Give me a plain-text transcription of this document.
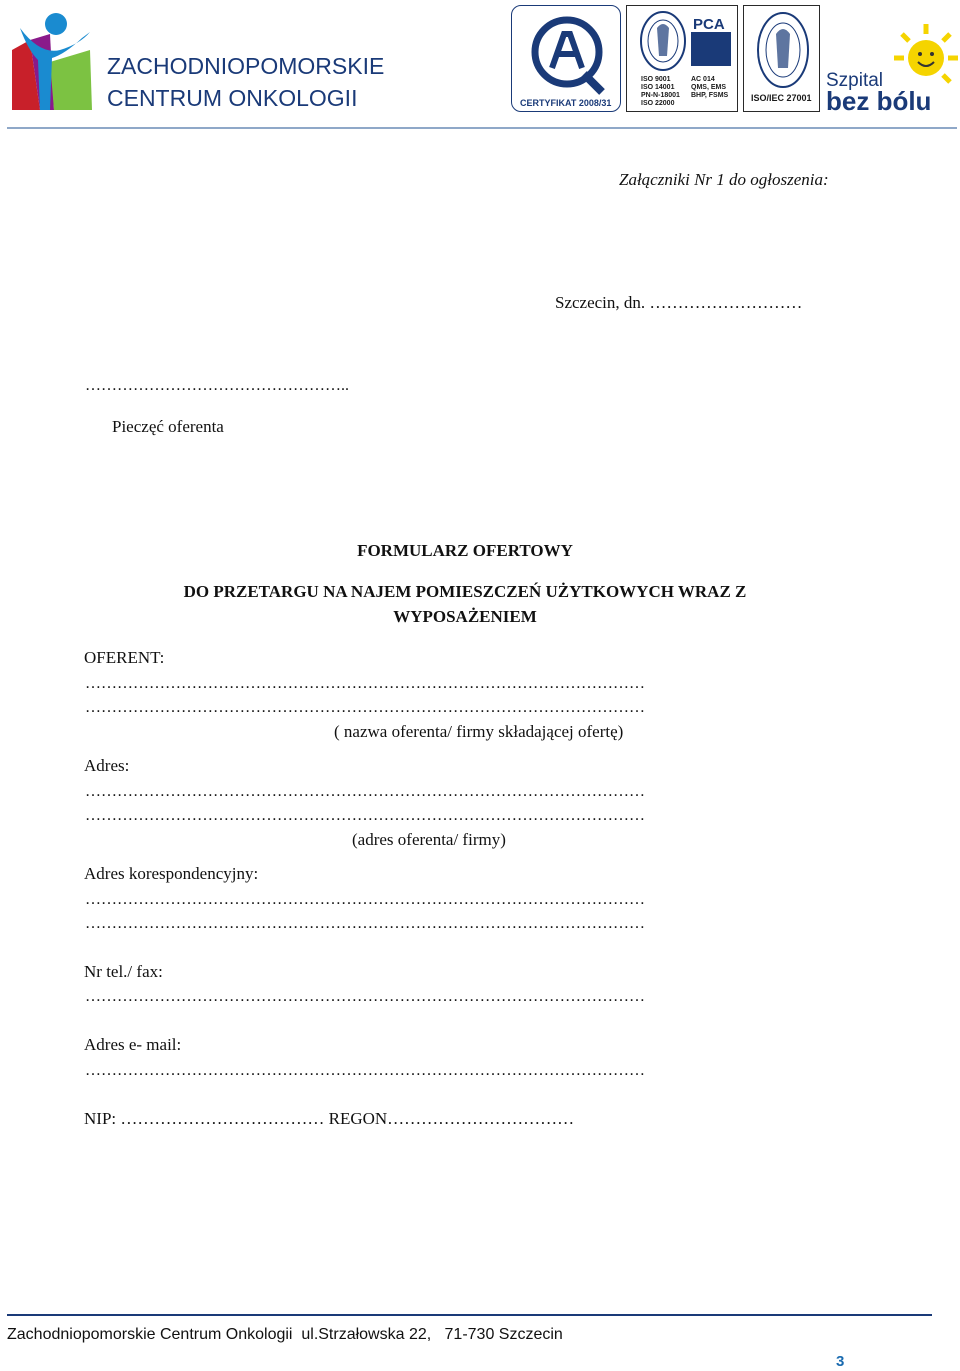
ZACHODNIOPOMORSKIE
CENTRUM ONKOLOGII	CERTYFIKAT 2008/31
PCA
ISO 9001
ISO 14001
PN-N-18001
ISO 22000
AC 014
QMS, EMS
BHP, FSMS	ISO/IEC 27001
Szpital
bez bólu
Załączniki Nr 1 do ogłoszenia:
Szczecin, dn. ………………………
…………………………………………..
Pieczęć oferenta
FORMULARZ OFERTOWY
DO PRZETARGU NA NAJEM POMIESZCZEŃ UŻYTKOWYCH WRAZ Z
WYPOSAŻENIEM
OFERENT:
……………………………………………………………………………………………
……………………………………………………………………………………………
( nazwa oferenta/ firmy składającej ofertę)
Adres:
……………………………………………………………………………………………
……………………………………………………………………………………………
(adres oferenta/ firmy)
Adres korespondencyjny:
……………………………………………………………………………………………
……………………………………………………………………………………………
Nr tel./ fax:
……………………………………………………………………………………………
Adres e- mail:
……………………………………………………………………………………………
NIP: ……………………………… REGON……………………………
Zachodniopomorskie Centrum Onkologii  ul.Strzałowska 22,   71-730 Szczecin
3
